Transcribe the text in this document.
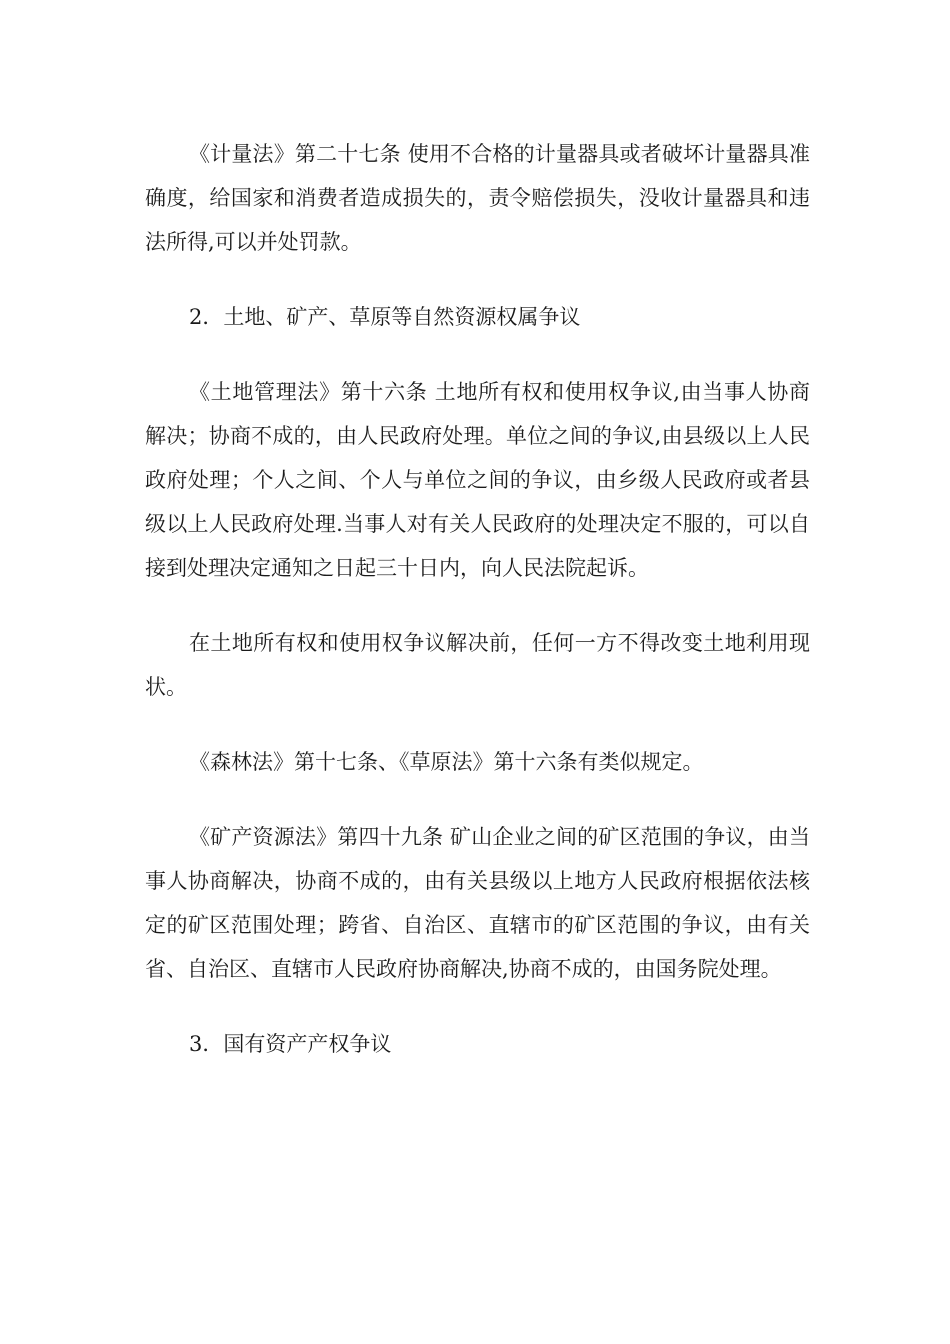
《计量法》第二十七条 使用不合格的计量器具或者破坏计量器具准确度，给国家和消费者造成损失的，责令赔偿损失，没收计量器具和违法所得,可以并处罚款。

2．土地、矿产、草原等自然资源权属争议

《土地管理法》第十六条 土地所有权和使用权争议,由当事人协商解决；协商不成的，由人民政府处理。单位之间的争议,由县级以上人民政府处理；个人之间、个人与单位之间的争议，由乡级人民政府或者县级以上人民政府处理.当事人对有关人民政府的处理决定不服的，可以自接到处理决定通知之日起三十日内，向人民法院起诉。

在土地所有权和使用权争议解决前，任何一方不得改变土地利用现状。

《森林法》第十七条、《草原法》第十六条有类似规定。

《矿产资源法》第四十九条 矿山企业之间的矿区范围的争议，由当事人协商解决，协商不成的，由有关县级以上地方人民政府根据依法核定的矿区范围处理；跨省、自治区、直辖市的矿区范围的争议，由有关省、自治区、直辖市人民政府协商解决,协商不成的，由国务院处理。

3．国有资产产权争议
